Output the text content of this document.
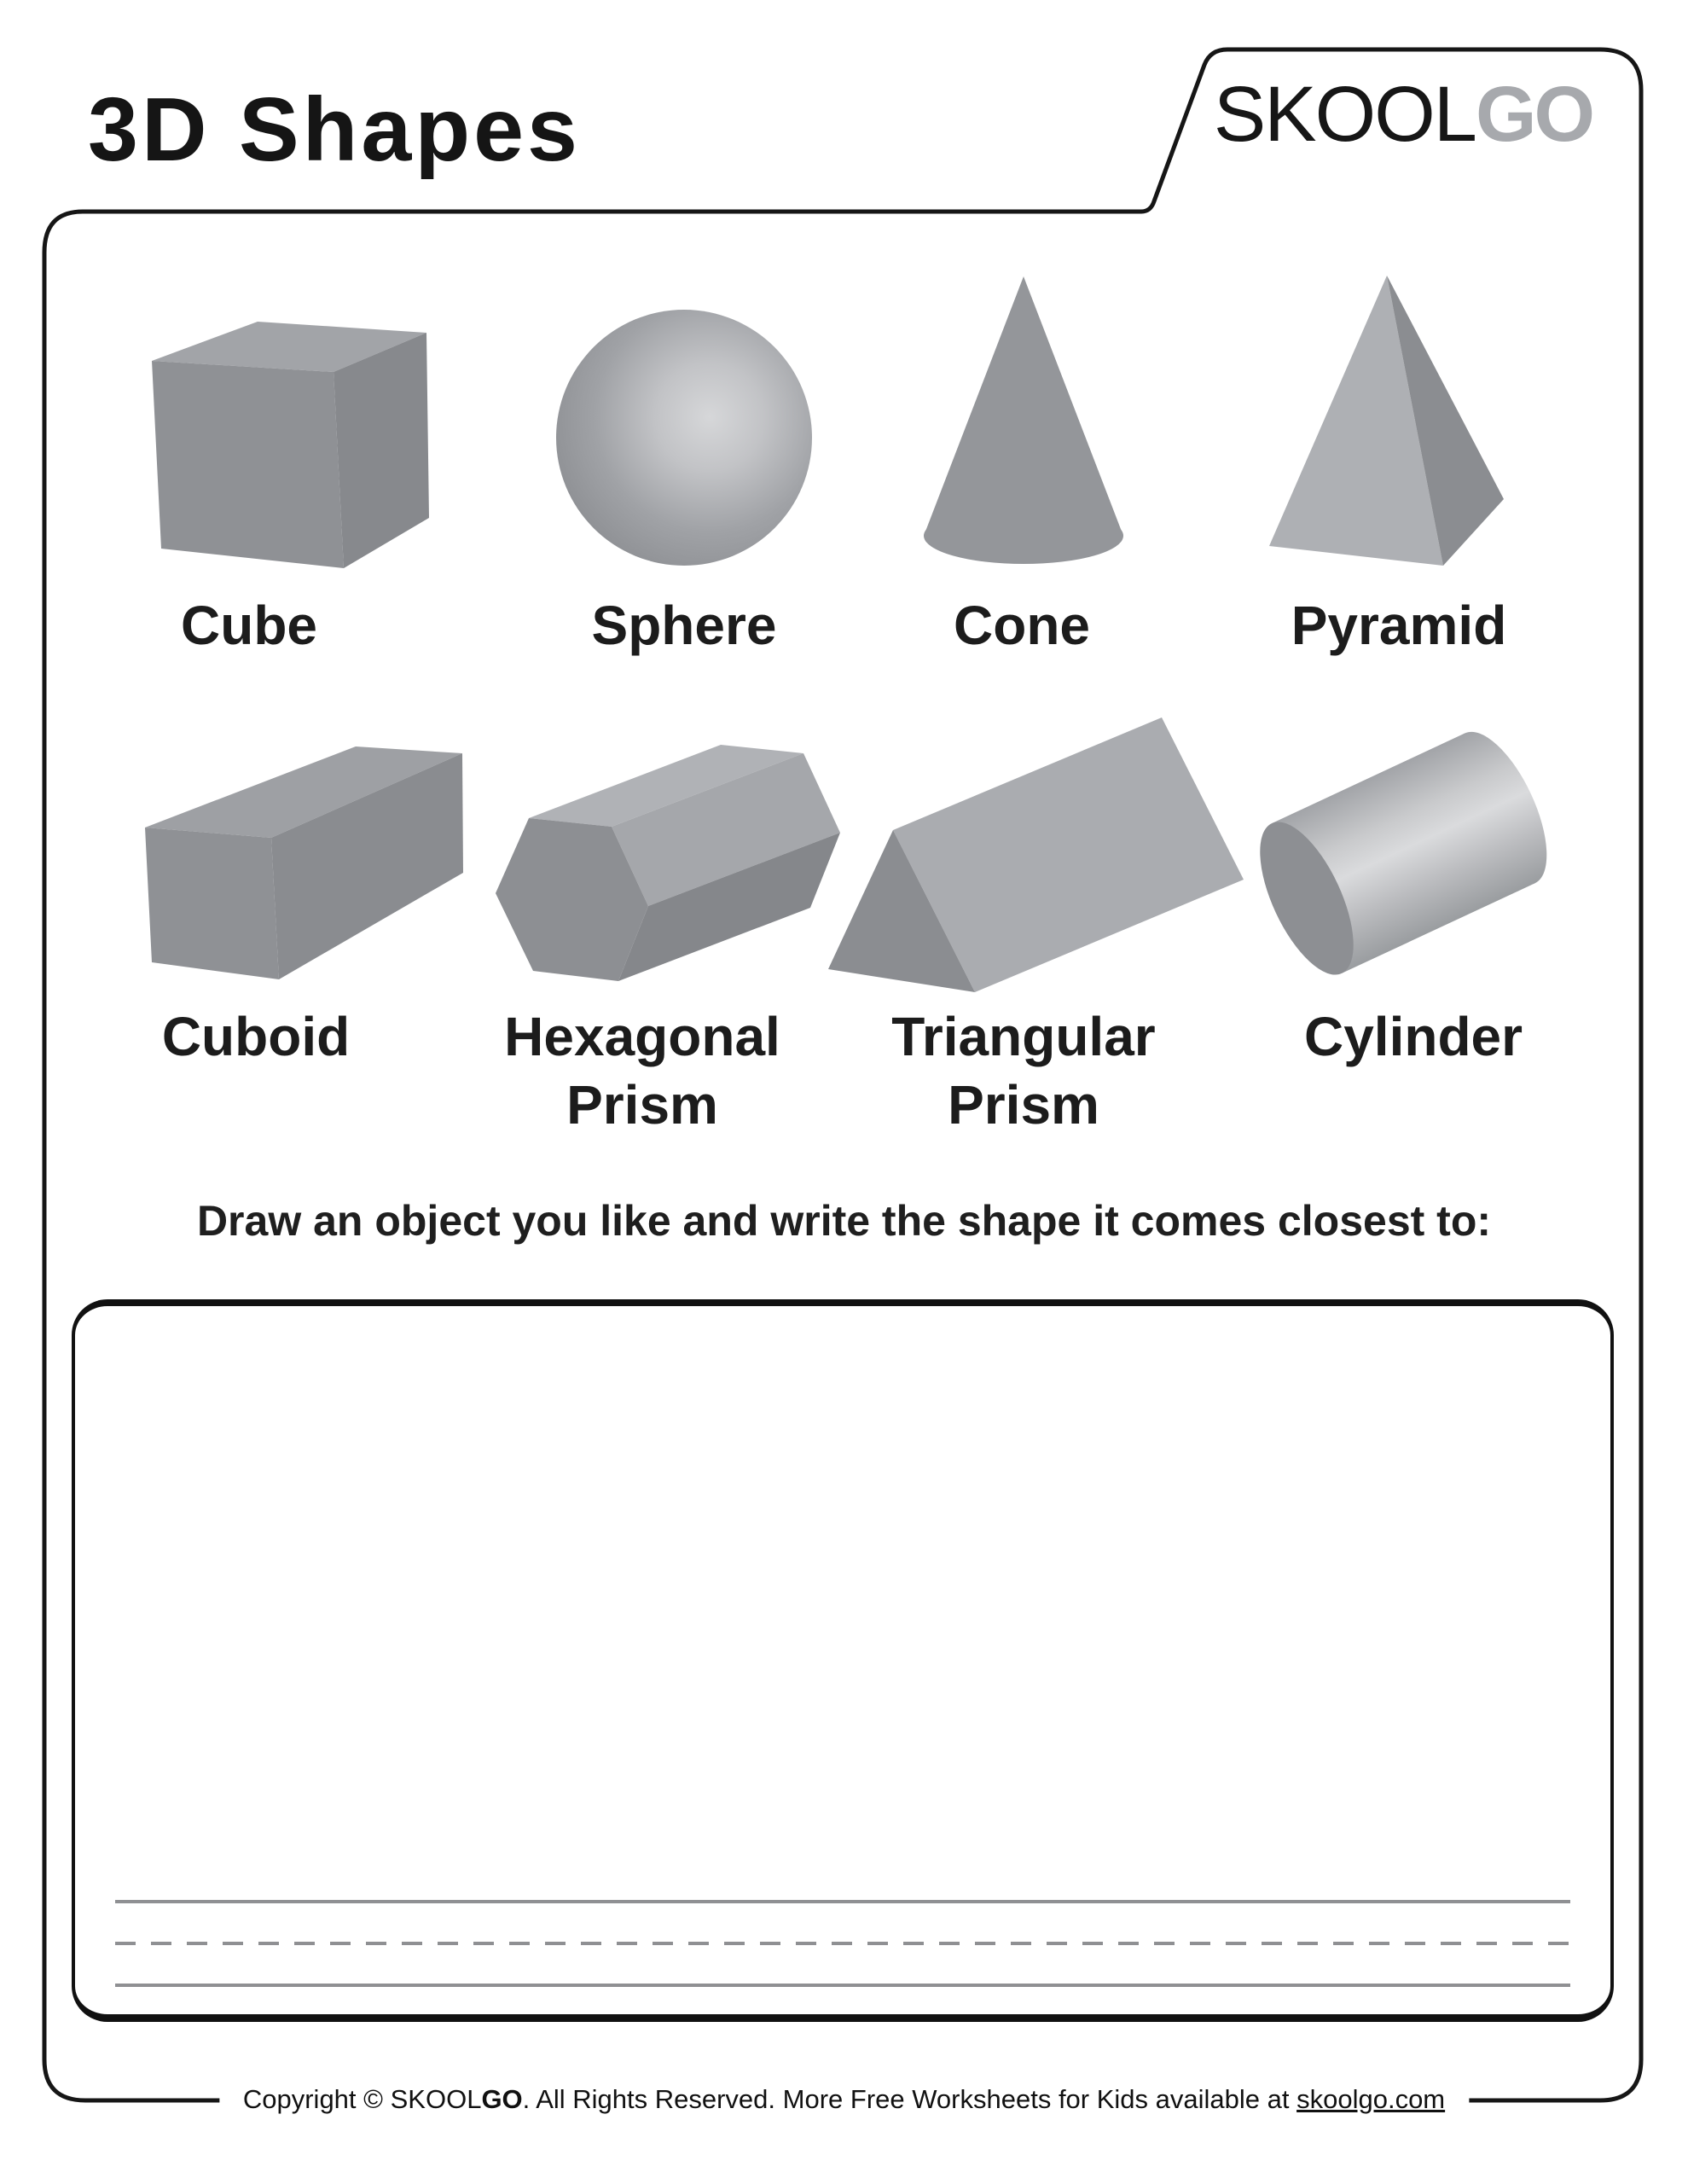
3D Shapes	SKOOLGO
Cube	Sphere	Cone	Pyramid
Cuboid	Hexagonal Prism
Triangular Prism
Cylinder

Draw an object you like and write the shape it comes closest to:

Copyright © SKOOLGO. All Rights Reserved. More Free Worksheets for Kids available at skoolgo.com
